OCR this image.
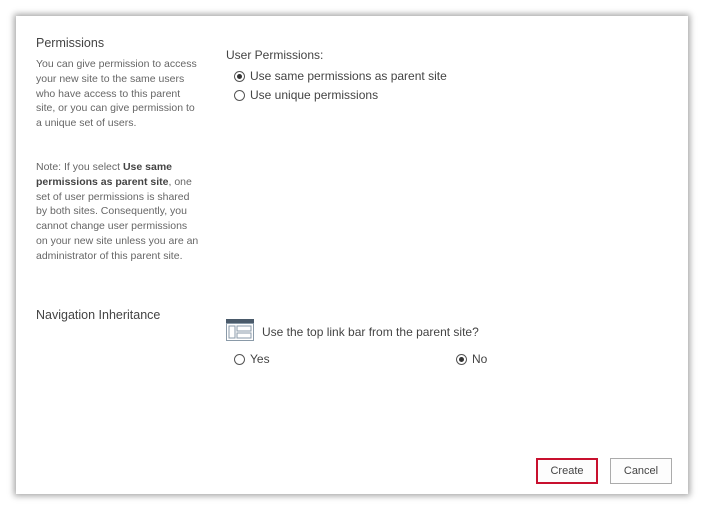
Permissions
You can give permission to access your new site to the same users who have access to this parent site, or you can give permission to a unique set of users.
Note: If you select Use same permissions as parent site, one set of user permissions is shared by both sites. Consequently, you cannot change user permissions on your new site unless you are an administrator of this parent site.
User Permissions:
Use same permissions as parent site
Use unique permissions
Navigation Inheritance
Use the top link bar from the parent site?
Yes	No
Create	Cancel
